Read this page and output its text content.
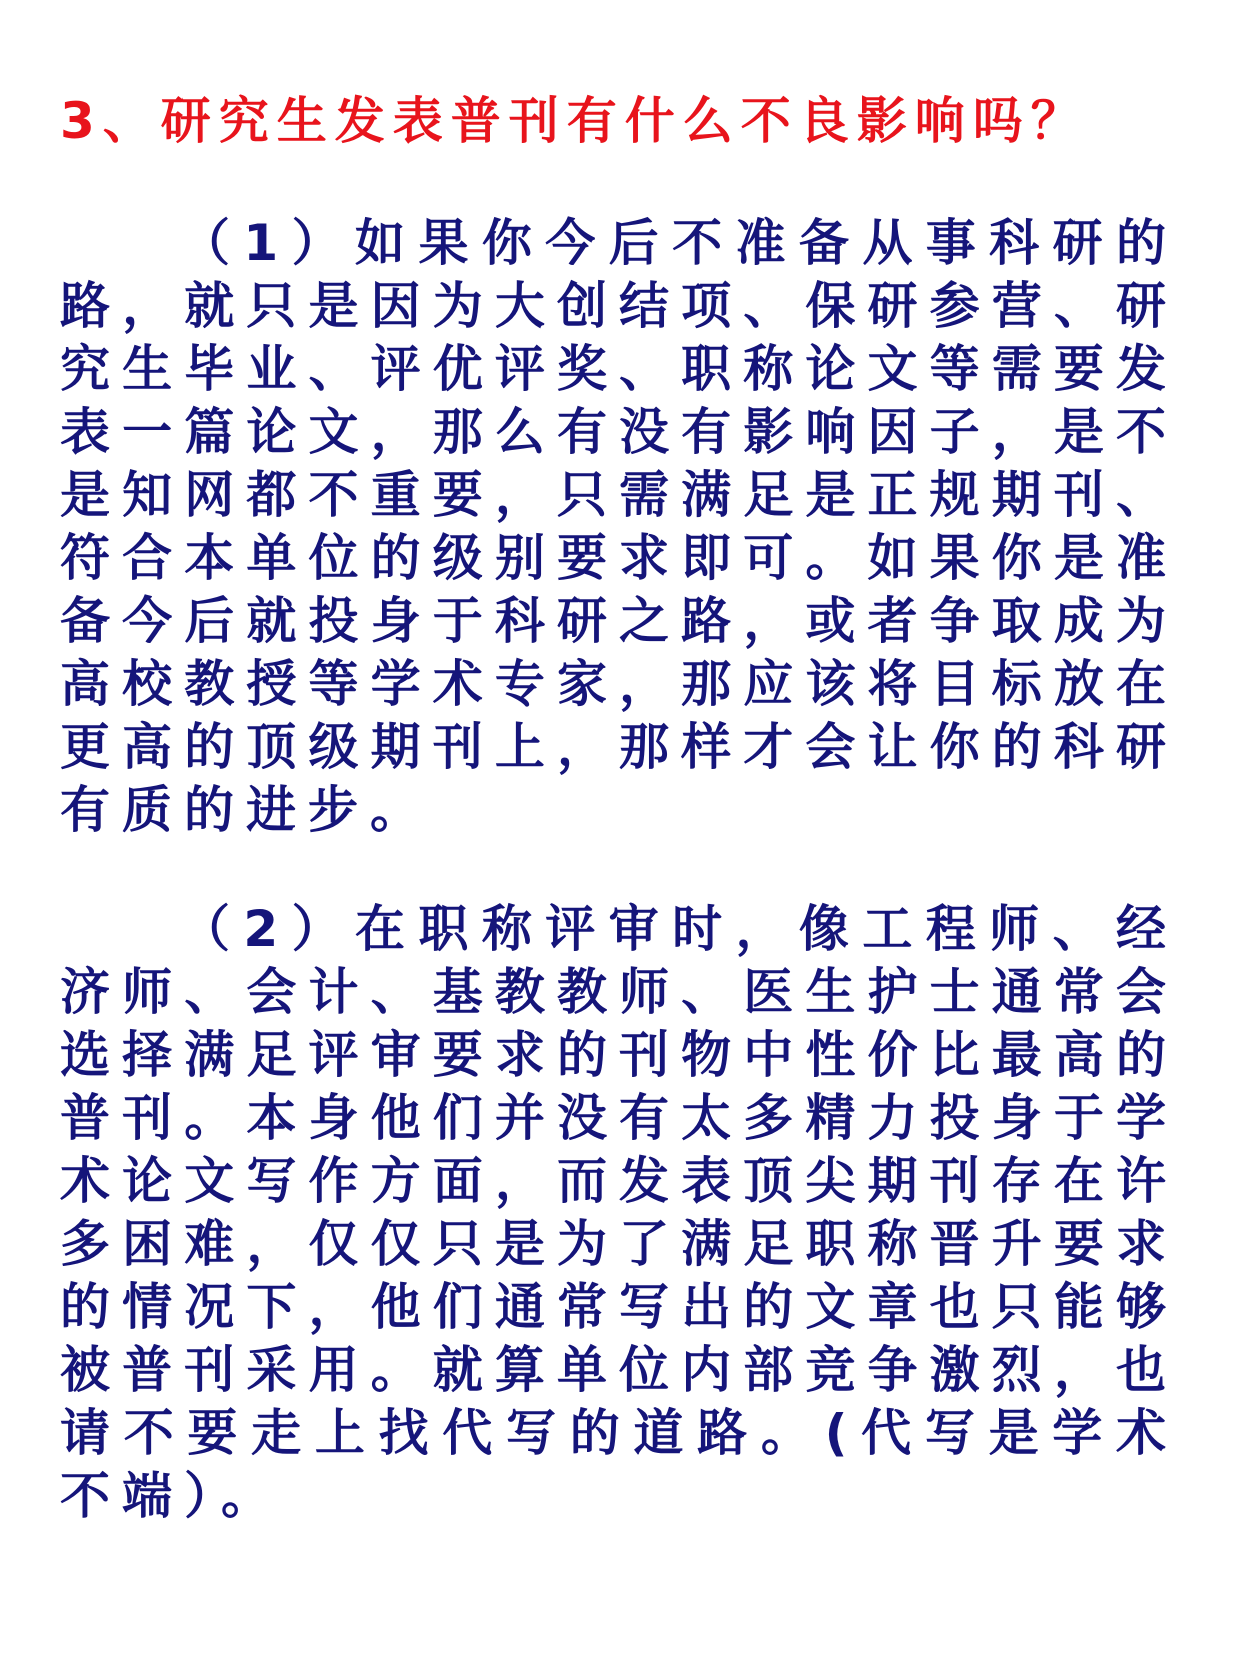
3、研究生发表普刊有什么不良影响吗？

（1）如果你今后不准备从事科研的路，就只是因为大创结项、保研参营、研究生毕业、评优评奖、职称论文等需要发表一篇论文，那么有没有影响因子，是不是知网都不重要，只需满足是正规期刊、符合本单位的级别要求即可。如果你是准备今后就投身于科研之路，或者争取成为高校教授等学术专家，那应该将目标放在更高的顶级期刊上，那样才会让你的科研有质的进步。

（2）在职称评审时，像工程师、经济师、会计、基教教师、医生护士通常会选择满足评审要求的刊物中性价比最高的普刊。本身他们并没有太多精力投身于学术论文写作方面，而发表顶尖期刊存在许多困难，仅仅只是为了满足职称晋升要求的情况下，他们通常写出的文章也只能够被普刊采用。就算单位内部竞争激烈，也请不要走上找代写的道路。(代写是学术不端）。
